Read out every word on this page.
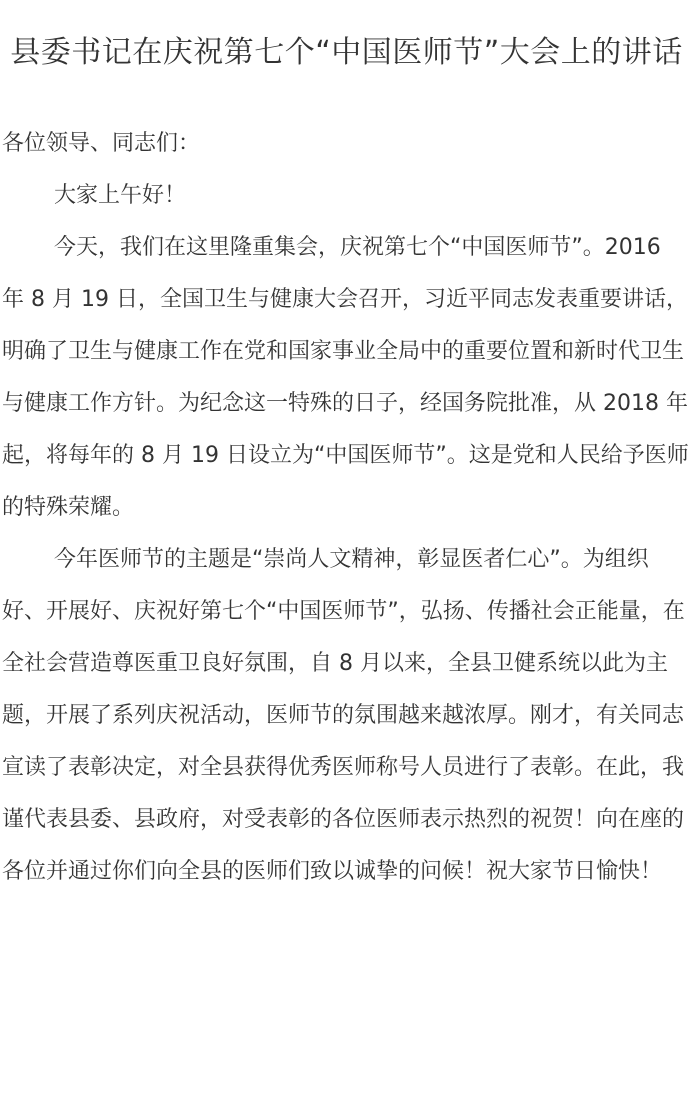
县委书记在庆祝第七个“中国医师节”大会上的讲话

各位领导、同志们：

大家上午好！

今天，我们在这里隆重集会，庆祝第七个“中国医师节”。2016 年 8 月 19 日，全国卫生与健康大会召开，习近平同志发表重要讲话，明确了卫生与健康工作在党和国家事业全局中的重要位置和新时代卫生与健康工作方针。为纪念这一特殊的日子，经国务院批准，从 2018 年起，将每年的 8 月 19 日设立为“中国医师节”。这是党和人民给予医师的特殊荣耀。

今年医师节的主题是“崇尚人文精神，彰显医者仁心”。为组织好、开展好、庆祝好第七个“中国医师节”，弘扬、传播社会正能量，在全社会营造尊医重卫良好氛围，自 8 月以来，全县卫健系统以此为主题，开展了系列庆祝活动，医师节的氛围越来越浓厚。刚才，有关同志宣读了表彰决定，对全县获得优秀医师称号人员进行了表彰。在此，我谨代表县委、县政府，对受表彰的各位医师表示热烈的祝贺！向在座的各位并通过你们向全县的医师们致以诚挚的问候！祝大家节日愉快！
